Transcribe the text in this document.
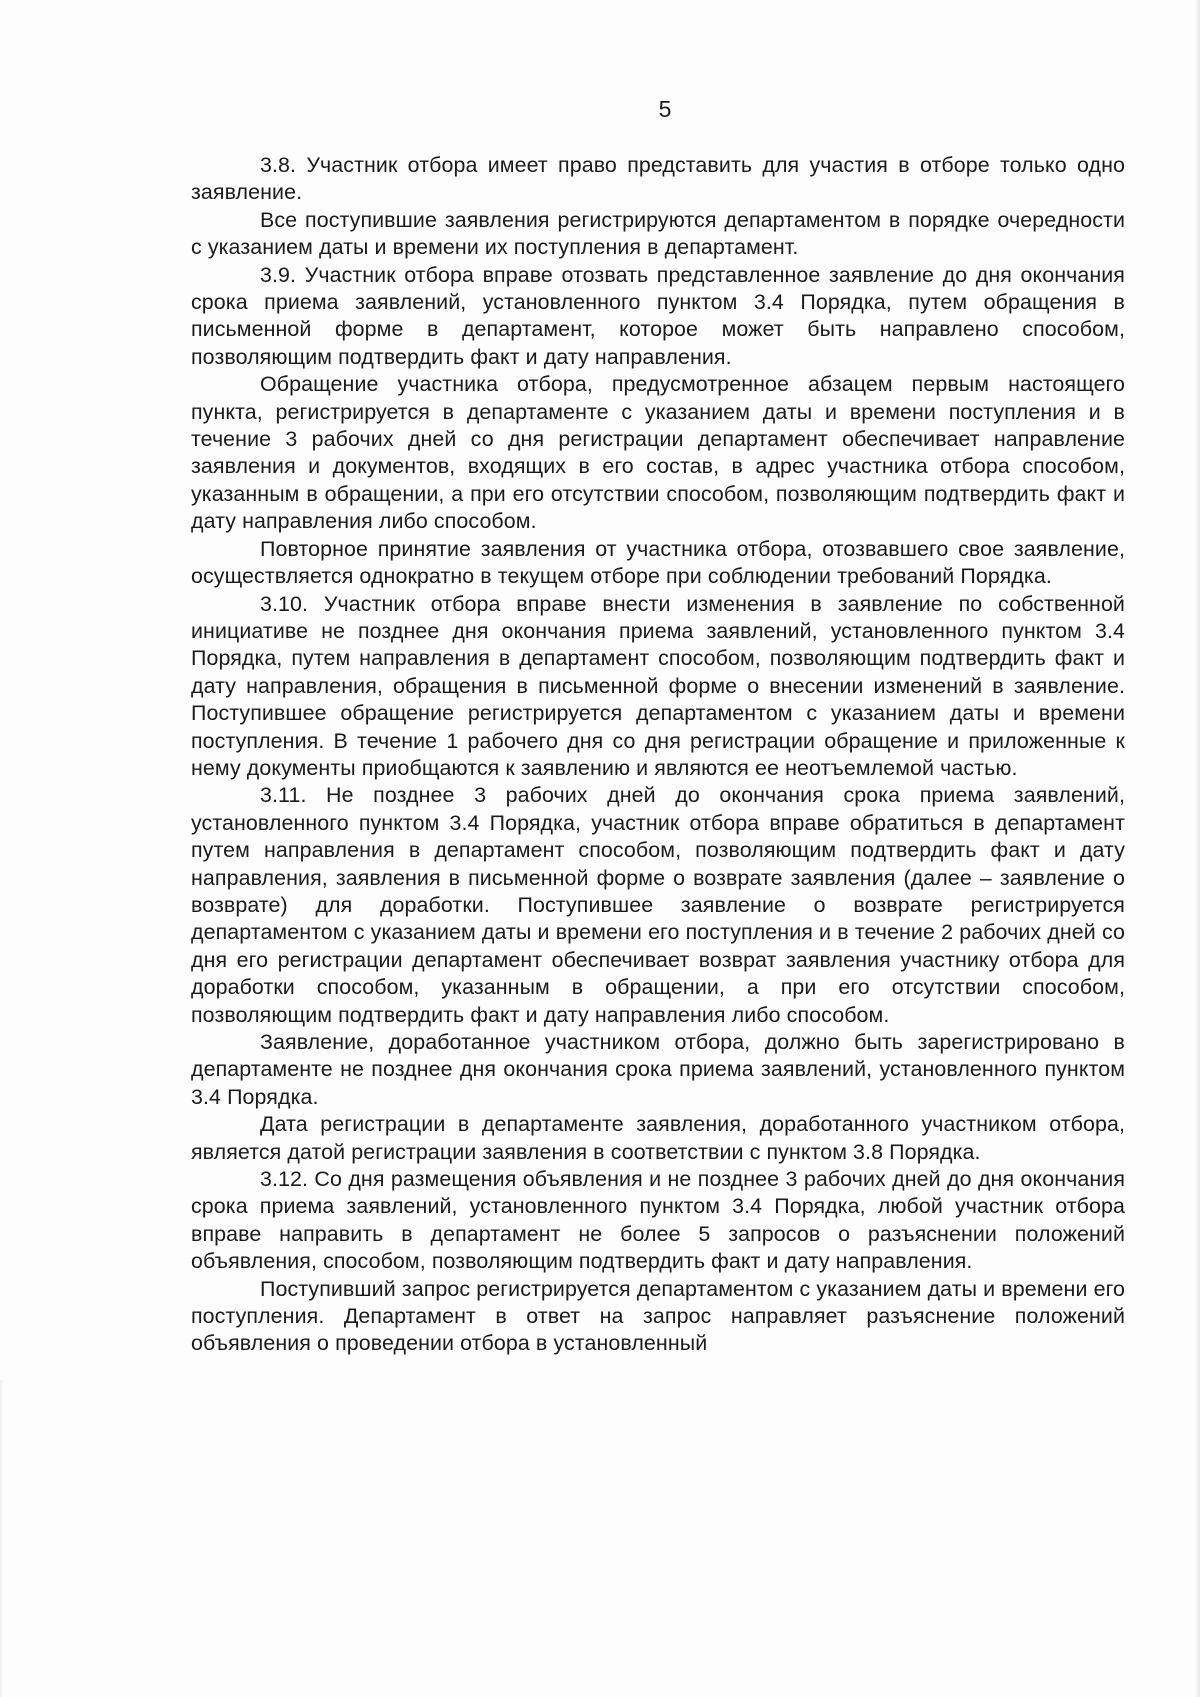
5

3.8. Участник отбора имеет право представить для участия в отборе только одно заявление.

Все поступившие заявления регистрируются департаментом в порядке очередности с указанием даты и времени их поступления в департамент.

3.9. Участник отбора вправе отозвать представленное заявление до дня окончания срока приема заявлений, установленного пунктом 3.4 Порядка, путем обращения в письменной форме в департамент, которое может быть направлено способом, позволяющим подтвердить факт и дату направления.

Обращение участника отбора, предусмотренное абзацем первым настоящего пункта, регистрируется в департаменте с указанием даты и времени поступления и в течение 3 рабочих дней со дня регистрации департамент обеспечивает направление заявления и документов, входящих в его состав, в адрес участника отбора способом, указанным в обращении, а при его отсутствии способом, позволяющим подтвердить факт и дату направления либо способом.

Повторное принятие заявления от участника отбора, отозвавшего свое заявление, осуществляется однократно в текущем отборе при соблюдении требований Порядка.

3.10. Участник отбора вправе внести изменения в заявление по собственной инициативе не позднее дня окончания приема заявлений, установленного пунктом 3.4 Порядка, путем направления в департамент способом, позволяющим подтвердить факт и дату направления, обращения в письменной форме о внесении изменений в заявление. Поступившее обращение регистрируется департаментом с указанием даты и времени поступления. В течение 1 рабочего дня со дня регистрации обращение и приложенные к нему документы приобщаются к заявлению и являются ее неотъемлемой частью.

3.11. Не позднее 3 рабочих дней до окончания срока приема заявлений, установленного пунктом 3.4 Порядка, участник отбора вправе обратиться в департамент путем направления в департамент способом, позволяющим подтвердить факт и дату направления, заявления в письменной форме о возврате заявления (далее – заявление о возврате) для доработки. Поступившее заявление о возврате регистрируется департаментом с указанием даты и времени его поступления и в течение 2 рабочих дней со дня его регистрации департамент обеспечивает возврат заявления участнику отбора для доработки способом, указанным в обращении, а при его отсутствии способом, позволяющим подтвердить факт и дату направления либо способом.

Заявление, доработанное участником отбора, должно быть зарегистрировано в департаменте не позднее дня окончания срока приема заявлений, установленного пунктом 3.4 Порядка.

Дата регистрации в департаменте заявления, доработанного участником отбора, является датой регистрации заявления в соответствии с пунктом 3.8 Порядка.

3.12. Со дня размещения объявления и не позднее 3 рабочих дней до дня окончания срока приема заявлений, установленного пунктом 3.4 Порядка, любой участник отбора вправе направить в департамент не более 5 запросов о разъяснении положений объявления, способом, позволяющим подтвердить факт и дату направления.

Поступивший запрос регистрируется департаментом с указанием даты и времени его поступления. Департамент в ответ на запрос направляет разъяснение положений объявления о проведении отбора в установленный
